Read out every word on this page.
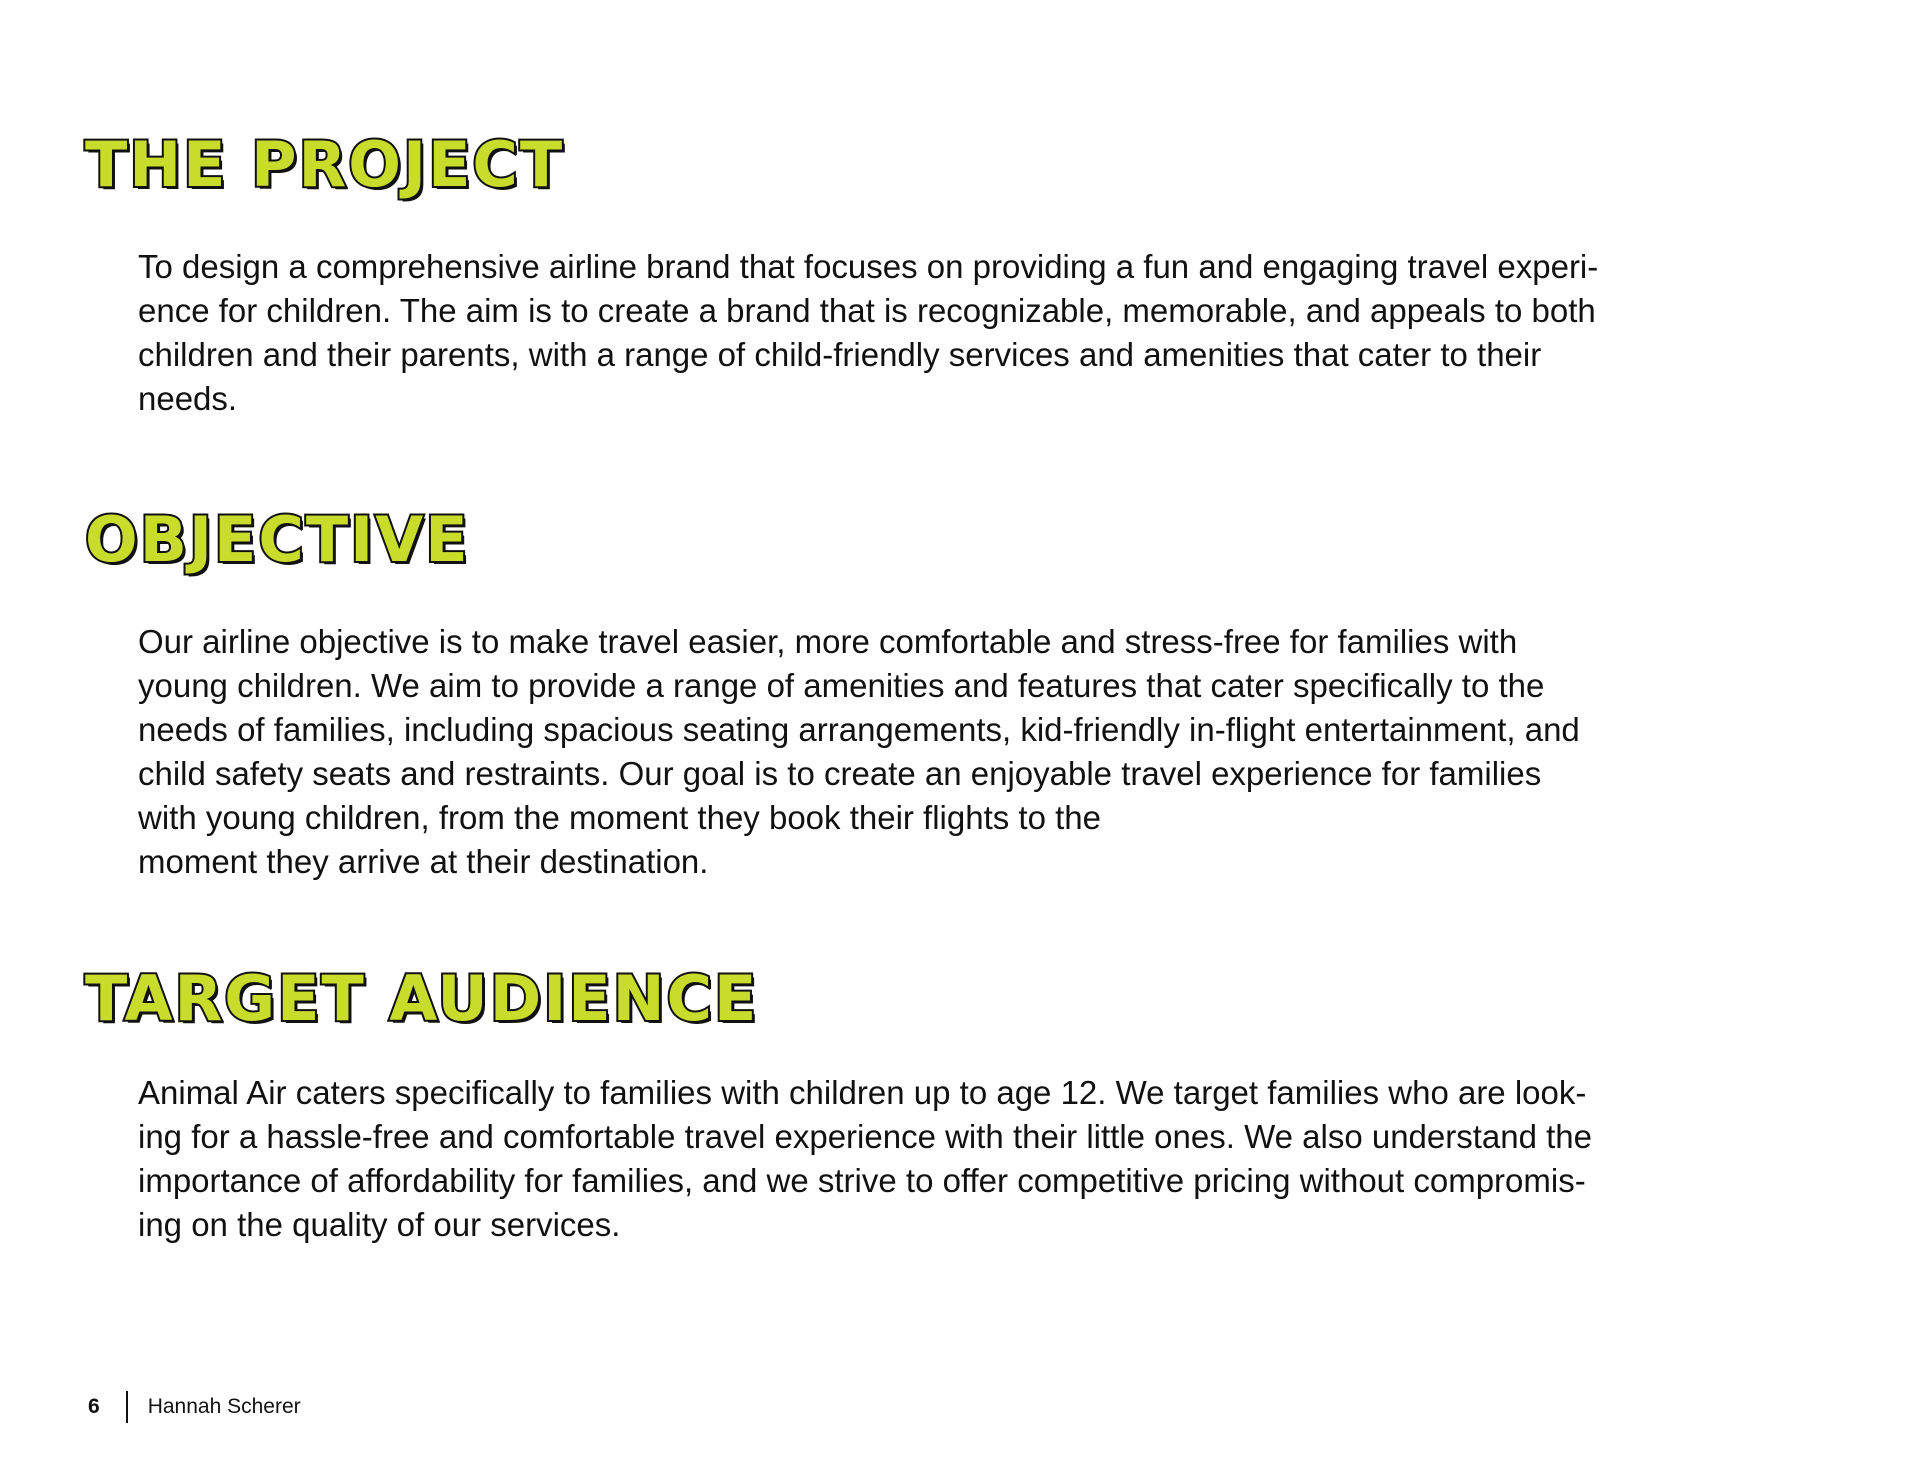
THE PROJECT
To design a comprehensive airline brand that focuses on providing a fun and engaging travel experi-
ence for children. The aim is to create a brand that is recognizable, memorable, and appeals to both
children and their parents, with a range of child-friendly services and amenities that cater to their
needs.
OBJECTIVE
Our airline objective is to make travel easier, more comfortable and stress-free for families with
young children. We aim to provide a range of amenities and features that cater specifically to the
needs of families, including spacious seating arrangements, kid-friendly in-flight entertainment, and
child safety seats and restraints. Our goal is to create an enjoyable travel experience for families
with young children, from the moment they book their flights to the
moment they arrive at their destination.
TARGET AUDIENCE
Animal Air caters specifically to families with children up to age 12. We target families who are look-
ing for a hassle-free and comfortable travel experience with their little ones. We also understand the
importance of affordability for families, and we strive to offer competitive pricing without compromis-
ing on the quality of our services.
6 Hannah Scherer
